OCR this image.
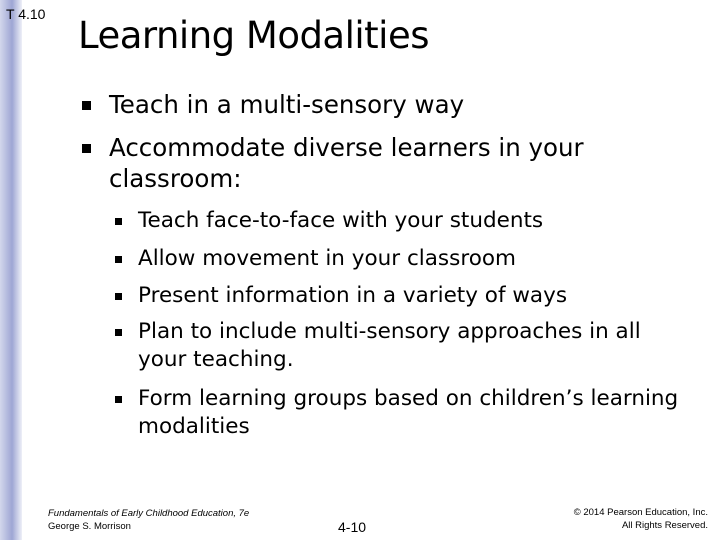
T 4.10 Learning Modalities
Teach in a multi-sensory way
Accommodate diverse learners in your classroom:
Teach face-to-face with your students
Allow movement in your classroom
Present information in a variety of ways
Plan to include multi-sensory approaches in all your teaching.
Form learning groups based on children’s learning modalities
Fundamentals of Early Childhood Education, 7e
George S. Morrison	4-10
© 2014 Pearson Education, Inc.
All Rights Reserved.
